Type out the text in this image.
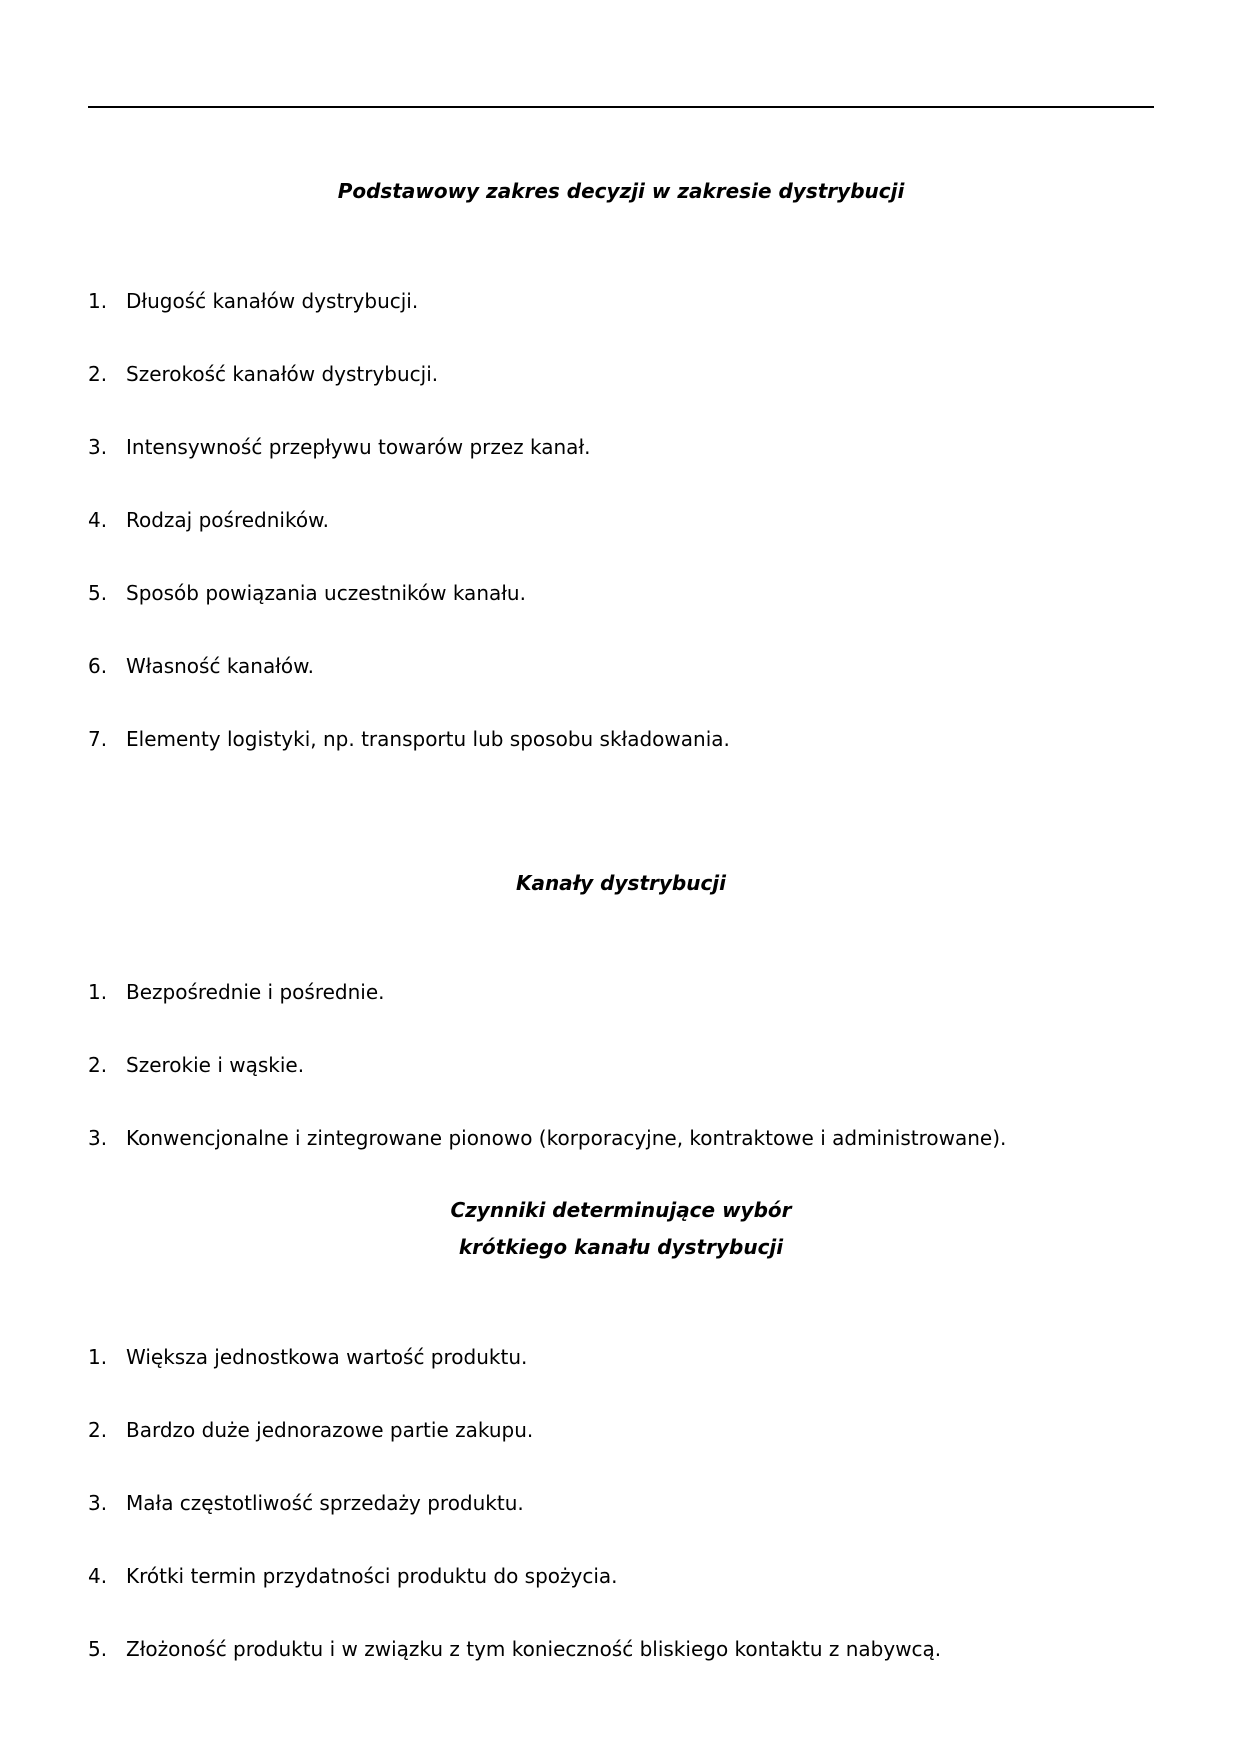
Podstawowy zakres decyzji w zakresie dystrybucji
1. Długość kanałów dystrybucji.
2. Szerokość kanałów dystrybucji.
3. Intensywność przepływu towarów przez kanał.
4. Rodzaj pośredników.
5. Sposób powiązania uczestników kanału.
6. Własność kanałów.
7. Elementy logistyki, np. transportu lub sposobu składowania.
Kanały dystrybucji
1. Bezpośrednie i pośrednie.
2. Szerokie i wąskie.
3. Konwencjonalne i zintegrowane pionowo (korporacyjne, kontraktowe i administrowane).
Czynniki determinujące wybór
krótkiego kanału dystrybucji
1. Większa jednostkowa wartość produktu.
2. Bardzo duże jednorazowe partie zakupu.
3. Mała częstotliwość sprzedaży produktu.
4. Krótki termin przydatności produktu do spożycia.
5. Złożoność produktu i w związku z tym konieczność bliskiego kontaktu z nabywcą.
